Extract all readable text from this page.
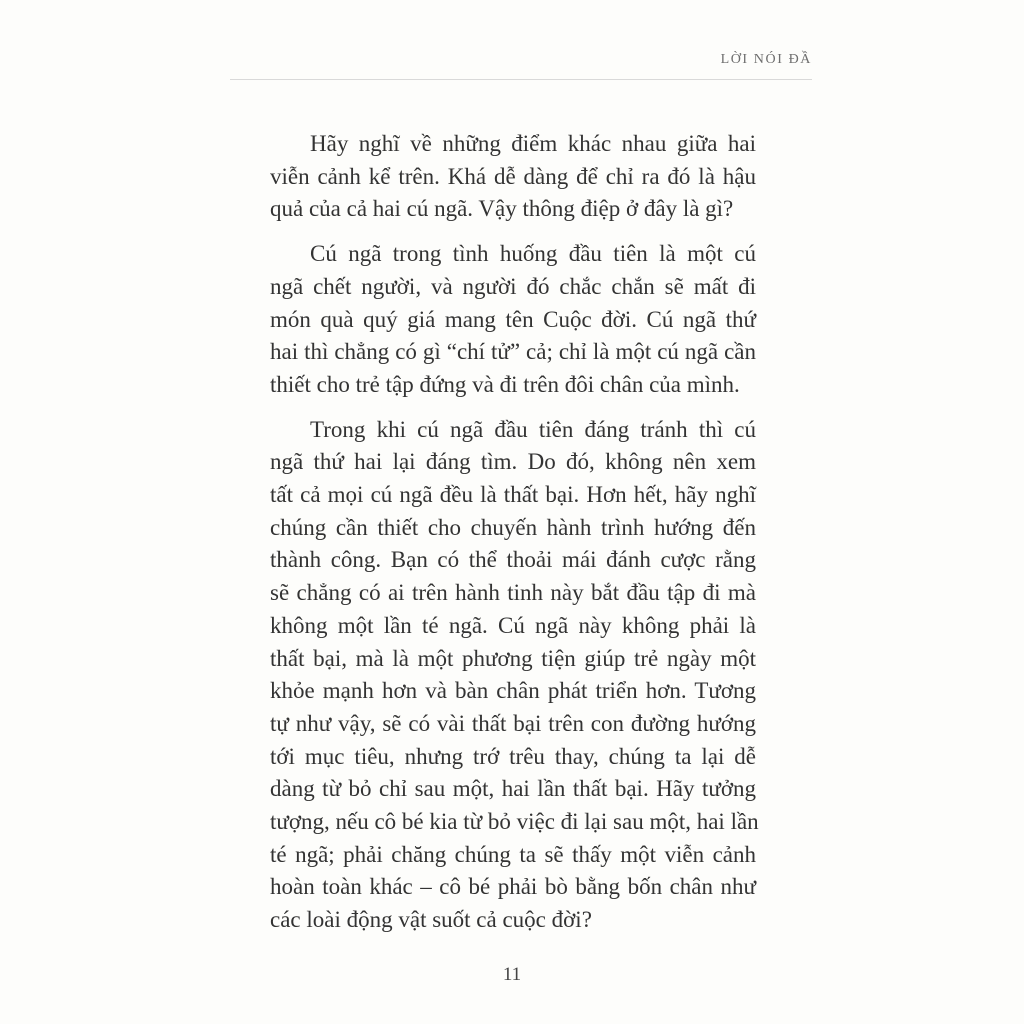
LỜI NÓI ĐẦ

Hãy nghĩ về những điểm khác nhau giữa hai
viễn cảnh kể trên. Khá dễ dàng để chỉ ra đó là hậu
quả của cả hai cú ngã. Vậy thông điệp ở đây là gì?

Cú ngã trong tình huống đầu tiên là một cú
ngã chết người, và người đó chắc chắn sẽ mất đi
món quà quý giá mang tên Cuộc đời. Cú ngã thứ
hai thì chẳng có gì “chí tử” cả; chỉ là một cú ngã cần
thiết cho trẻ tập đứng và đi trên đôi chân của mình.

Trong khi cú ngã đầu tiên đáng tránh thì cú
ngã thứ hai lại đáng tìm. Do đó, không nên xem
tất cả mọi cú ngã đều là thất bại. Hơn hết, hãy nghĩ
chúng cần thiết cho chuyến hành trình hướng đến
thành công. Bạn có thể thoải mái đánh cược rằng
sẽ chẳng có ai trên hành tinh này bắt đầu tập đi mà
không một lần té ngã. Cú ngã này không phải là
thất bại, mà là một phương tiện giúp trẻ ngày một
khỏe mạnh hơn và bàn chân phát triển hơn. Tương
tự như vậy, sẽ có vài thất bại trên con đường hướng
tới mục tiêu, nhưng trớ trêu thay, chúng ta lại dễ
dàng từ bỏ chỉ sau một, hai lần thất bại. Hãy tưởng
tượng, nếu cô bé kia từ bỏ việc đi lại sau một, hai lần
té ngã; phải chăng chúng ta sẽ thấy một viễn cảnh
hoàn toàn khác – cô bé phải bò bằng bốn chân như
các loài động vật suốt cả cuộc đời?

11
